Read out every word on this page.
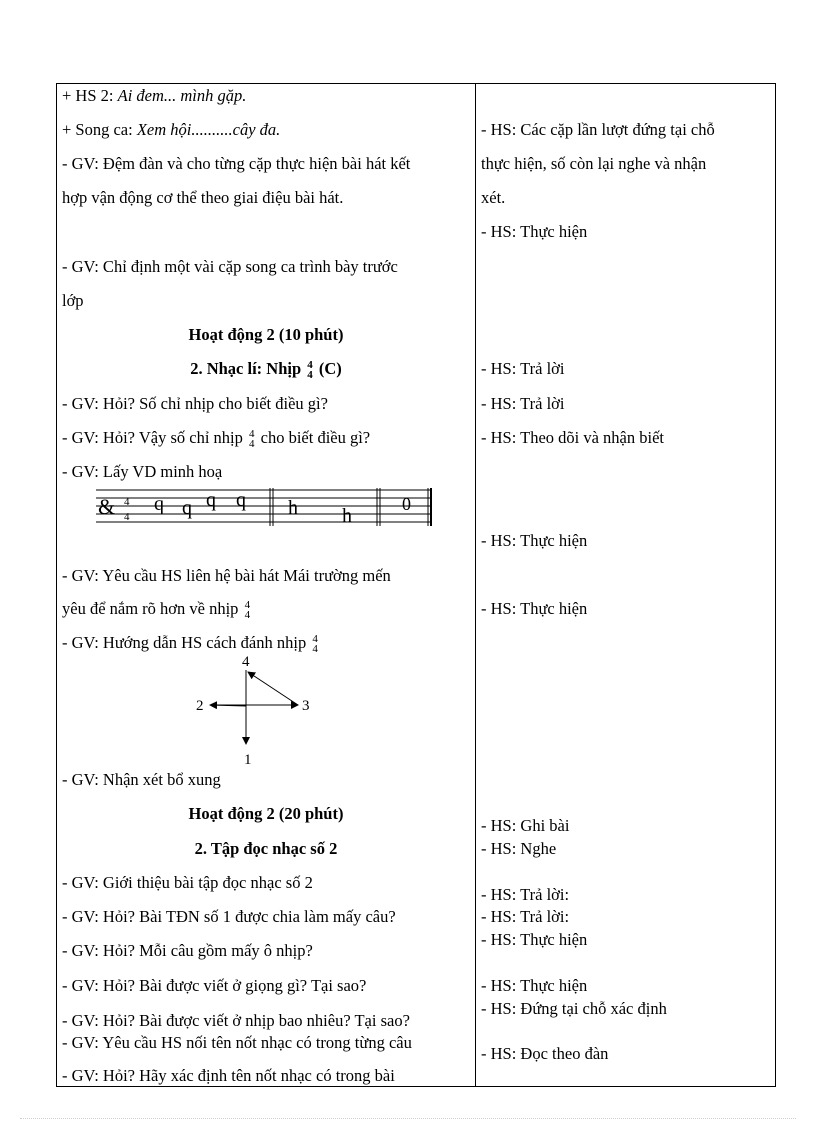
+ HS 2: Ai đem... mình gặp.
+ Song ca: Xem hội..........cây đa.
- GV: Đệm đàn và cho từng cặp thực hiện bài hát kết
hợp vận động cơ thể theo giai điệu bài hát.
- GV: Chỉ định một vài cặp song ca trình bày trước
lớp
Hoạt động 2 (10 phút)
2. Nhạc lí: Nhịp 4
4 (C)
- GV: Hỏi? Số chỉ nhịp cho biết điều gì?
- GV: Hỏi? Vậy số chỉ nhịp 4
4 cho biết điều gì?
- GV: Lấy VD minh hoạ
& 4
4
q q q q h h
0
- GV: Yêu cầu HS liên hệ bài hát Mái trường mến
yêu để nắm rõ hơn về nhịp 4
4
- GV: Hướng dẫn HS cách đánh nhịp 4
4
4
2	3
1
- GV: Nhận xét bổ xung
Hoạt động 2 (20 phút)
2. Tập đọc nhạc số 2
- GV: Giới thiệu bài tập đọc nhạc số 2
- GV: Hỏi? Bài TĐN số 1 được chia làm mấy câu?
- GV: Hỏi? Mỗi câu gồm mấy ô nhịp?
- GV: Hỏi? Bài được viết ở giọng gì? Tại sao?
- GV: Hỏi? Bài được viết ở nhịp bao nhiêu? Tại sao?
- GV: Yêu cầu HS nối tên nốt nhạc có trong từng câu
- GV: Hỏi? Hãy xác định tên nốt nhạc có trong bài
- HS: Các cặp lần lượt đứng tại chỗ
thực hiện, số còn lại nghe và nhận
xét.
- HS: Thực hiện
- HS: Trả lời
- HS: Trả lời
- HS: Theo dõi và nhận biết
- HS: Thực hiện
- HS: Thực hiện
- HS: Ghi bài
- HS: Nghe
- HS: Trả lời:
- HS: Trả lời:
- HS: Thực hiện
- HS: Thực hiện
- HS: Đứng tại chỗ xác định
- HS: Đọc theo đàn
